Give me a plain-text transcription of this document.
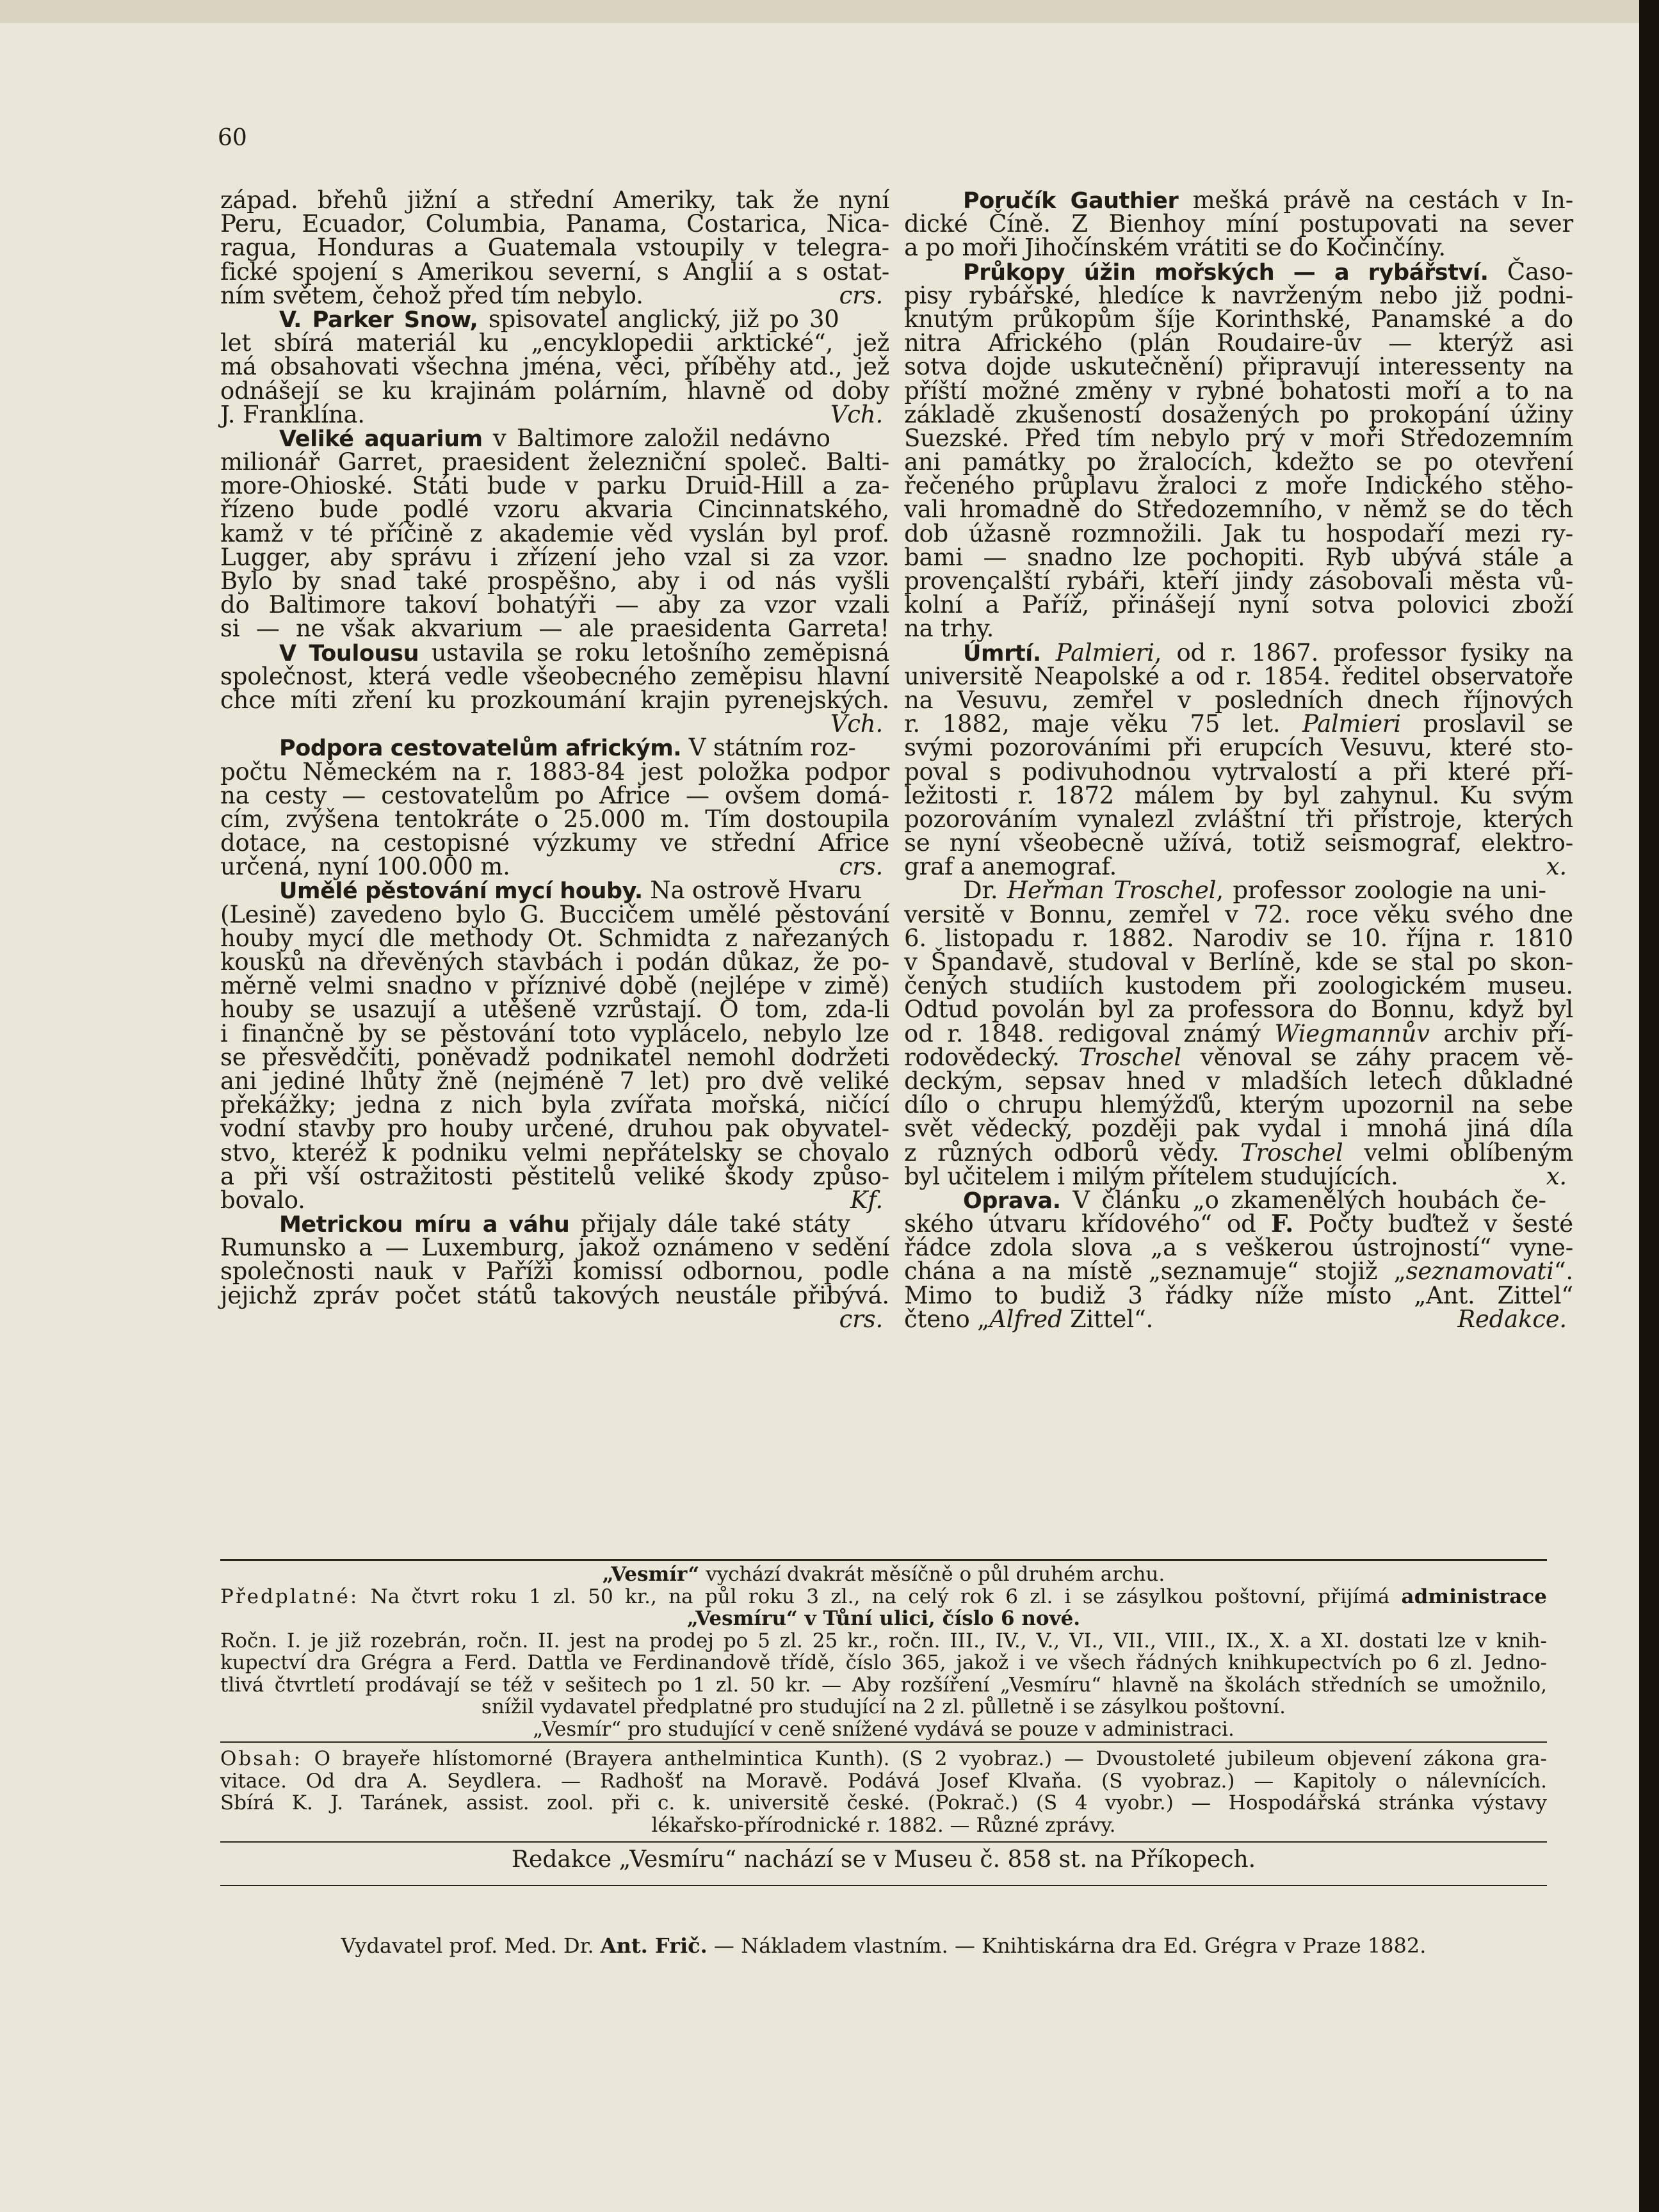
60
západ. břehů jižní a střední Ameriky, tak že nyní
Peru, Ecuador, Columbia, Panama, Costarica, Nica-
ragua, Honduras a Guatemala vstoupily v telegra-
fické spojení s Amerikou severní, s Anglií a s ostat-
crs.
ním světem, čehož před tím nebylo.
V. Parker Snow, spisovatel anglický, již po 30
let sbírá materiál ku „encyklopedii arktické“, jež
má obsahovati všechna jména, věci, příběhy atd., jež
odnášejí se ku krajinám polárním, hlavně od doby
Vch.
J. Franklína.
Veliké aquarium v Baltimore založil nedávno
milionář Garret, praesident železniční společ. Balti-
more-Ohioské. Státi bude v parku Druid-Hill a za-
řízeno bude podlé vzoru akvaria Cincinnatského,
kamž v té příčině z akademie věd vyslán byl prof.
Lugger, aby správu i zřízení jeho vzal si za vzor.
Bylo by snad také prospěšno, aby i od nás vyšli
do Baltimore takoví bohatýři — aby za vzor vzali
si — ne však akvarium — ale praesidenta Garreta!
V Toulousu ustavila se roku letošního zeměpisná
společnost, která vedle všeobecného zeměpisu hlavní
chce míti zření ku prozkoumání krajin pyrenejských.
Vch.
Podpora cestovatelům africkým. V státním roz-
počtu Německém na r. 1883-84 jest položka podpor
na cesty — cestovatelům po Africe — ovšem domá-
cím, zvýšena tentokráte o 25.000 m. Tím dostoupila
dotace, na cestopisné výzkumy ve střední Africe
crs.
určená, nyní 100.000 m.
Umělé pěstování mycí houby. Na ostrově Hvaru
(Lesině) zavedeno bylo G. Buccičem umělé pěstování
houby mycí dle methody Ot. Schmidta z nařezaných
kousků na dřevěných stavbách i podán důkaz, že po-
měrně velmi snadno v příznivé době (nejlépe v zimě)
houby se usazují a utěšeně vzrůstají. O tom, zda-li
i finančně by se pěstování toto vyplácelo, nebylo lze
se přesvědčiti, poněvadž podnikatel nemohl dodržeti
ani jediné lhůty žně (nejméně 7 let) pro dvě veliké
překážky; jedna z nich byla zvířata mořská, ničící
vodní stavby pro houby určené, druhou pak obyvatel-
stvo, kteréž k podniku velmi nepřátelsky se chovalo
a při vší ostražitosti pěstitelů veliké škody způso-
Kf.
bovalo.
Metrickou míru a váhu přijaly dále také státy
Rumunsko a — Luxemburg, jakož oznámeno v sedění
společnosti nauk v Paříži komissí odbornou, podle
jejichž zpráv počet států takových neustále přibývá.
crs.
Poručík Gauthier mešká právě na cestách v In-
dické Číně. Z Bienhoy míní postupovati na sever
a po moři Jihočínském vrátiti se do Kočinčíny.
Průkopy úžin mořských — a rybářství. Časo-
pisy rybářské, hledíce k navrženým nebo již podni-
knutým průkopům šíje Korinthské, Panamské a do
nitra Afrického (plán Roudaire-ův — kterýž asi
sotva dojde uskutečnění) připravují interessenty na
příští možné změny v rybné bohatosti moří a to na
základě zkušeností dosažených po prokopání úžiny
Suezské. Před tím nebylo prý v moři Středozemním
ani památky po žralocích, kdežto se po otevření
řečeného průplavu žraloci z moře Indického stěho-
vali hromadně do Středozemního, v němž se do těch
dob úžasně rozmnožili. Jak tu hospodaří mezi ry-
bami — snadno lze pochopiti. Ryb ubývá stále a
provençalští rybáři, kteří jindy zásobovali města vů-
kolní a Paříž, přinášejí nyní sotva polovici zboží
na trhy.
Úmrtí. Palmieri, od r. 1867. professor fysiky na
universitě Neapolské a od r. 1854. ředitel observatoře
na Vesuvu, zemřel v posledních dnech říjnových
r. 1882, maje věku 75 let. Palmieri proslavil se
svými pozorováními při erupcích Vesuvu, které sto-
poval s podivuhodnou vytrvalostí a při které pří-
ležitosti r. 1872 málem by byl zahynul. Ku svým
pozorováním vynalezl zvláštní tři přístroje, kterých
se nyní všeobecně užívá, totiž seismograf, elektro-
x.
graf a anemograf.
Dr. Heřman Troschel, professor zoologie na uni-
versitě v Bonnu, zemřel v 72. roce věku svého dne
6. listopadu r. 1882. Narodiv se 10. října r. 1810
v Špandavě, studoval v Berlíně, kde se stal po skon-
čených studiích kustodem při zoologickém museu.
Odtud povolán byl za professora do Bonnu, když byl
od r. 1848. redigoval známý Wiegmannův archiv pří-
rodovědecký. Troschel věnoval se záhy pracem vě-
deckým, sepsav hned v mladších letech důkladné
dílo o chrupu hlemýžďů, kterým upozornil na sebe
svět vědecký, později pak vydal i mnohá jiná díla
z různých odborů vědy. Troschel velmi oblíbeným
x.
byl učitelem i milým přítelem studujících.
Oprava. V článku „o zkamenělých houbách če-
ského útvaru křídového“ od F. Počty buďtež v šesté
řádce zdola slova „a s veškerou ústrojností“ vyne-
chána a na místě „seznamuje“ stojiž „seznamovati“.
Mimo to budiž 3 řádky níže místo „Ant. Zittel“
Redakce.
čteno „Alfred Zittel“.
„Vesmír“ vychází dvakrát měsíčně o půl druhém archu.
Předplatné: Na čtvrt roku 1 zl. 50 kr., na půl roku 3 zl., na celý rok 6 zl. i se zásylkou poštovní, přijímá administrace
„Vesmíru“ v Tůní ulici, číslo 6 nové.
Ročn. I. je již rozebrán, ročn. II. jest na prodej po 5 zl. 25 kr., ročn. III., IV., V., VI., VII., VIII., IX., X. a XI. dostati lze v knih-
kupectví dra Grégra a Ferd. Dattla ve Ferdinandově třídě, číslo 365, jakož i ve všech řádných knihkupectvích po 6 zl. Jedno-
tlivá čtvrtletí prodávají se též v sešitech po 1 zl. 50 kr. — Aby rozšíření „Vesmíru“ hlavně na školách středních se umožnilo,
snížil vydavatel předplatné pro studující na 2 zl. půlletně i se zásylkou poštovní.
„Vesmír“ pro studující v ceně snížené vydává se pouze v administraci.
Obsah: O brayeře hlístomorné (Brayera anthelmintica Kunth). (S 2 vyobraz.) — Dvoustoleté jubileum objevení zákona gra-
vitace. Od dra A. Seydlera. — Radhošť na Moravě. Podává Josef Klvaňa. (S vyobraz.) — Kapitoly o nálevnících.
Sbírá K. J. Taránek, assist. zool. při c. k. universitě české. (Pokrač.) (S 4 vyobr.) — Hospodářská stránka výstavy
lékařsko-přírodnické r. 1882. — Různé zprávy.
Redakce „Vesmíru“ nachází se v Museu č. 858 st. na Příkopech.
Vydavatel prof. Med. Dr. Ant. Frič. — Nákladem vlastním. — Knihtiskárna dra Ed. Grégra v Praze 1882.
